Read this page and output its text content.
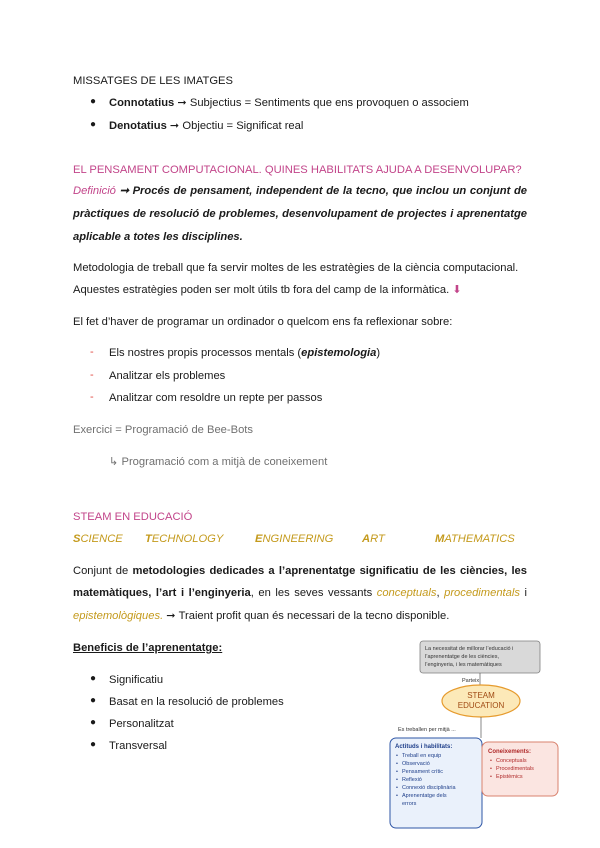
MISSATGES DE LES IMATGES
● Connotatius ➞ Subjectius = Sentiments que ens provoquen o associem
● Denotatius ➞ Objectiu = Significat real
EL PENSAMENT COMPUTACIONAL. QUINES HABILITATS AJUDA A DESENVOLUPAR?
Definició ➞ Procés de pensament, independent de la tecno, que inclou un conjunt de
pràctiques de resolució de problemes, desenvolupament de projectes i aprenentatge
aplicable a totes les disciplines.
Metodologia de treball que fa servir moltes de les estratègies de la ciència computacional.
Aquestes estratègies poden ser molt útils tb fora del camp de la informàtica. ⬇
El fet d’haver de programar un ordinador o quelcom ens fa reflexionar sobre:
- Els nostres propis processos mentals (epistemologia)
- Analitzar els problemes
- Analitzar com resoldre un repte per passos
Exercici = Programació de Bee-Bots
↳ Programació com a mitjà de coneixement
STEAM EN EDUCACIÓ
SCIENCE TECHNOLOGY	ENGINEERING	ART	MATHEMATICS
Conjunt de metodologies dedicades a l’aprenentatge significatiu de les ciències, les
matemàtiques, l’art i l’enginyeria, en les seves vessants conceptuals, procedimentals i
epistemològiques. ➞ Traient profit quan és necessari de la tecno disponible.
Beneficis de l’aprenentatge:
● Significatiu
● Basat en la resolució de problemes
● Personalitzat
● Transversal
La necessitat de millorar l’educació i
l’aprenentatge de les ciències,
l’enginyeria, i les matemàtiques
Parteix
STEAM
EDUCATION
Es treballen per mitjà ...
Actituds i habilitats:
• Treball en equip
• Observació
• Pensament crític
• Reflexió
• Connexió disciplinària
• Aprenentatge dels
errors
Coneixements:
• Conceptuals
• Procedimentals
• Epistèmics
